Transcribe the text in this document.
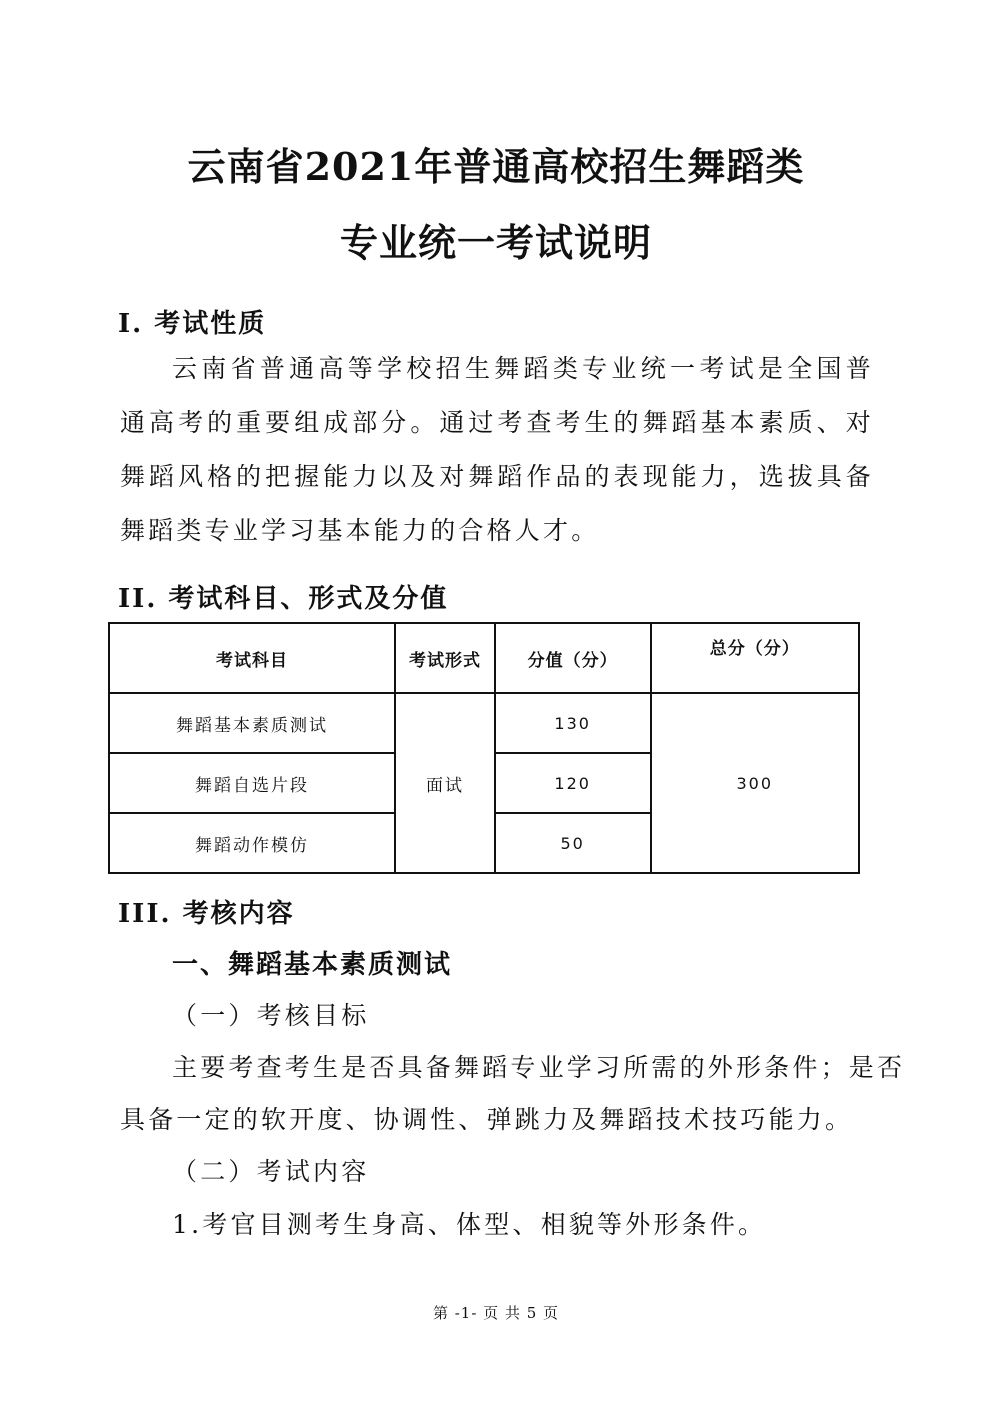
云南省2021年普通高校招生舞蹈类
专业统一考试说明
I. 考试性质
云南省普通高等学校招生舞蹈类专业统一考试是全国普通高考的重要组成部分。通过考查考生的舞蹈基本素质、对舞蹈风格的把握能力以及对舞蹈作品的表现能力，选拔具备舞蹈类专业学习基本能力的合格人才。
II. 考试科目、形式及分值
考试科目	考试形式	分值（分）	总分（分）
舞蹈基本素质测试	面试	130	300
舞蹈自选片段		120	
舞蹈动作模仿		50	
III. 考核内容
一、舞蹈基本素质测试
（一）考核目标
主要考查考生是否具备舞蹈专业学习所需的外形条件；是否
具备一定的软开度、协调性、弹跳力及舞蹈技术技巧能力。
（二）考试内容
1.考官目测考生身高、体型、相貌等外形条件。
第 -1- 页 共 5 页
